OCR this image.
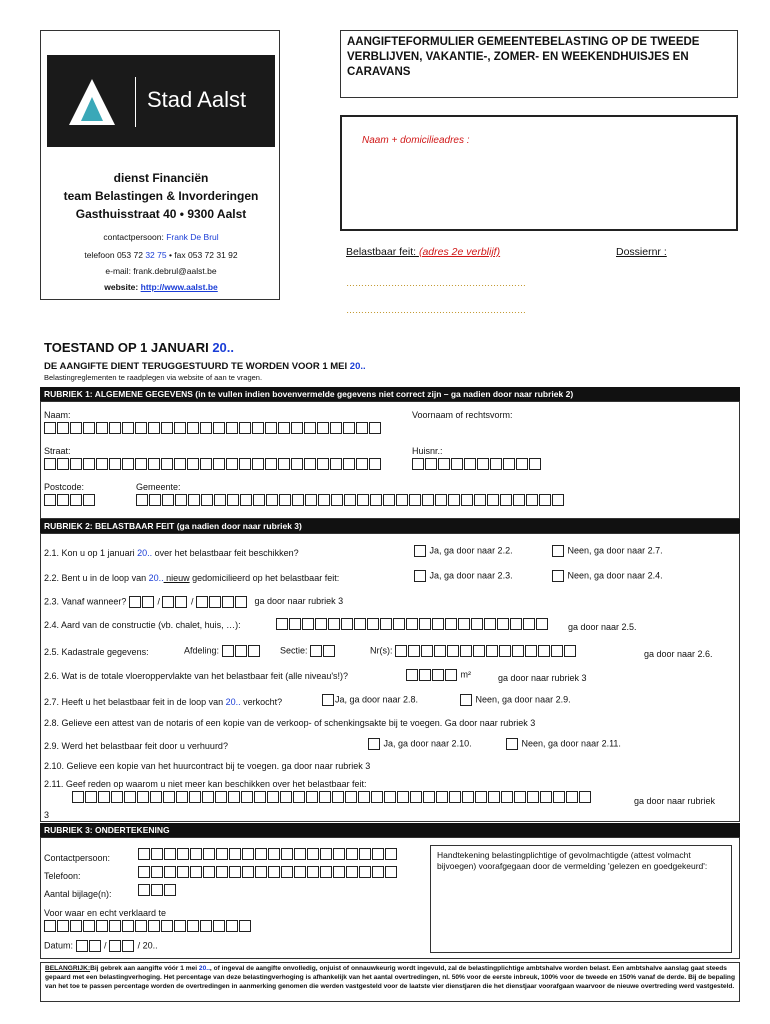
Stad Aalst
dienst Financiën
team Belastingen & Invorderingen
Gasthuisstraat 40 • 9300 Aalst
contactpersoon: Frank De Brul
telefoon 053 72 32 75 • fax 053 72 31 92
e-mail: frank.debrul@aalst.be
website: http://www.aalst.be
AANGIFTEFORMULIER GEMEENTEBELASTING OP DE TWEEDE VERBLIJVEN, VAKANTIE-, ZOMER- EN WEEKENDHUISJES EN CARAVANS
Naam + domicilieadres :
Belastbaar feit: (adres 2e verblijf)	Dossiernr :
……………………………………………………
……………………………………………………
TOESTAND OP 1 JANUARI 20..
DE AANGIFTE DIENT TERUGGESTUURD TE WORDEN VOOR 1 MEI 20..
Belastingreglementen te raadplegen via website of aan te vragen.
RUBRIEK 1: ALGEMENE GEGEVENS (in te vullen indien bovenvermelde gegevens niet correct zijn – ga nadien door naar rubriek 2)
Naam:	Voornaam of rechtsvorm:
Straat:	Huisnr.:
Postcode:	Gemeente:
RUBRIEK 2: BELASTBAAR FEIT (ga nadien door naar rubriek 3)
2.1. Kon u op 1 januari 20.. over het belastbaar feit beschikken?	Ja, ga door naar 2.2.	Neen, ga door naar 2.7.
2.2. Bent u in de loop van 20.. nieuw gedomicilieerd op het belastbaar feit:	Ja, ga door naar 2.3.	Neen, ga door naar 2.4.
2.3. Vanaf wanneer?	/	/	ga door naar rubriek 3
2.4. Aard van de constructie (vb. chalet, huis, …):	ga door naar 2.5.
2.5. Kadastrale gegevens:	Afdeling:	Sectie:	Nr(s):	ga door naar 2.6.
2.6. Wat is de totale vloeroppervlakte van het belastbaar feit (alle niveau's!)?	m²	ga door naar rubriek 3
2.7. Heeft u het belastbaar feit in de loop van 20.. verkocht?	Ja, ga door naar 2.8.	Neen, ga door naar 2.9.
2.8. Gelieve een attest van de notaris of een kopie van de verkoop- of schenkingsakte bij te voegen. Ga door naar rubriek 3
2.9. Werd het belastbaar feit door u verhuurd?	Ja, ga door naar 2.10.	Neen, ga door naar 2.11.
2.10. Gelieve een kopie van het huurcontract bij te voegen. ga door naar rubriek 3
2.11. Geef reden op waarom u niet meer kan beschikken over het belastbaar feit:
ga door naar rubriek
3
RUBRIEK 3: ONDERTEKENING
Contactpersoon:
Telefoon:
Aantal bijlage(n):
Voor waar en echt verklaard te
Datum:	/	/ 20..
Handtekening belastingplichtige of gevolmachtigde (attest volmacht bijvoegen) voorafgegaan door de vermelding 'gelezen en goedgekeurd':
BELANGRIJK:Bij gebrek aan aangifte vóór 1 mei 20.., of ingeval de aangifte onvolledig, onjuist of onnauwkeurig wordt ingevuld, zal de belastingplichtige ambtshalve worden belast. Een ambtshalve aanslag gaat steeds gepaard met een belastingverhoging. Het percentage van deze belastingverhoging is afhankelijk van het aantal overtredingen, nl. 50% voor de eerste inbreuk, 100% voor de tweede en 150% vanaf de derde. Bij de bepaling van het toe te passen percentage worden de overtredingen in aanmerking genomen die werden vastgesteld voor de laatste vier dienstjaren die het dienstjaar voorafgaan waarvoor de nieuwe overtreding werd vastgesteld.
